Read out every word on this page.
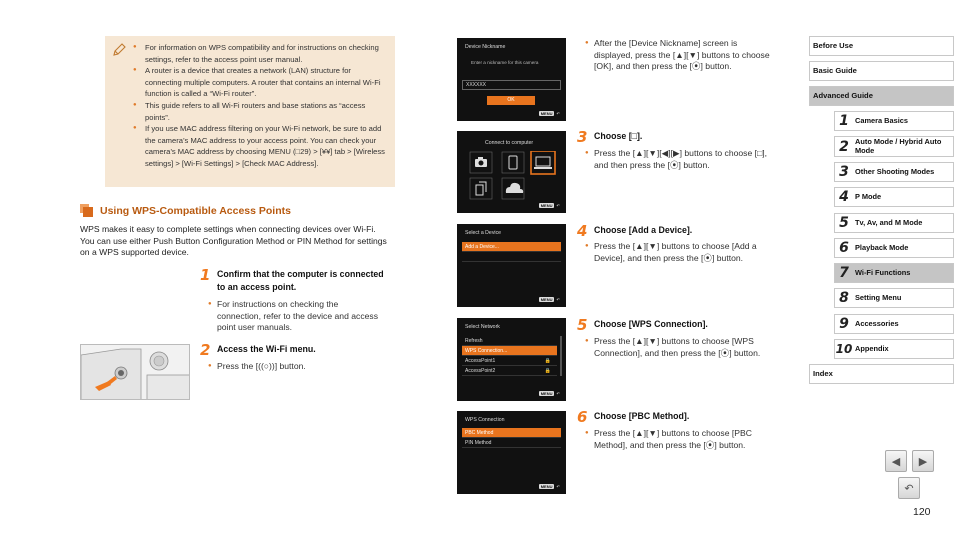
● For information on WPS compatibility and for instructions on checking settings, refer to the access point user manual.
● A router is a device that creates a network (LAN) structure for connecting multiple computers. A router that contains an internal Wi-Fi function is called a “Wi-Fi router”.
● This guide refers to all Wi-Fi routers and base stations as “access points”.
● If you use MAC address filtering on your Wi-Fi network, be sure to add the camera’s MAC address to your access point. You can check your camera’s MAC address by choosing MENU (□29) > [¥¥] tab > [Wireless settings] > [Wi-Fi Settings] > [Check MAC Address].
Using WPS-Compatible Access Points
WPS makes it easy to complete settings when connecting devices over Wi-Fi. You can use either Push Button Configuration Method or PIN Method for settings on a WPS supported device.
1 Confirm that the computer is connected to an access point.
● For instructions on checking the connection, refer to the device and access point user manuals.
2 Access the Wi-Fi menu.
● Press the [((○))] button.
Device Nickname
Enter a nickname for this camera
XXXXXX
OK
MENU ↶
Connect to computer
MENU ↶
Select a Device
Add a Device...
MENU ↶
Select Network
Refresh
WPS Connection...
AccessPoint1	🔒
AccessPoint2	🔒
MENU ↶
WPS Connection
PBC Method
PIN Method
MENU ↶
● After the [Device Nickname] screen is displayed, press the [▲][▼] buttons to choose [OK], and then press the [⦿] button.
3 Choose [□].
● Press the [▲][▼][◀][▶] buttons to choose [□], and then press the [⦿] button.
4 Choose [Add a Device].
● Press the [▲][▼] buttons to choose [Add a Device], and then press the [⦿] button.
5 Choose [WPS Connection].
● Press the [▲][▼] buttons to choose [WPS Connection], and then press the [⦿] button.
6 Choose [PBC Method].
● Press the [▲][▼] buttons to choose [PBC Method], and then press the [⦿] button.
Before Use
Basic Guide
Advanced Guide
1 Camera Basics
2 Auto Mode / Hybrid Auto Mode
3 Other Shooting Modes
4 P Mode
5 Tv, Av, and M Mode
6 Playback Mode
7 Wi-Fi Functions
8 Setting Menu
9 Accessories
10 Appendix
Index
◀ ▶
↶
120
